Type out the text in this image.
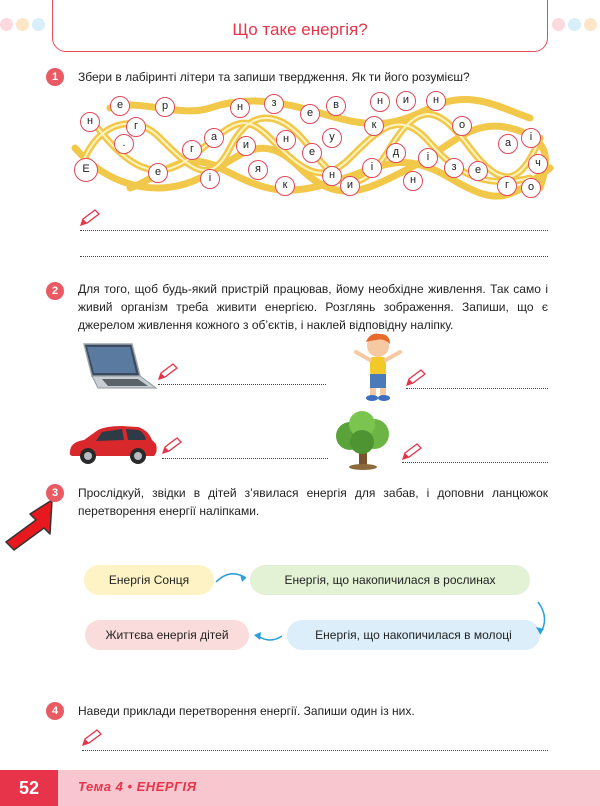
Що таке енергія?
1	Збери в лабіринті літери та запиши твердження. Як ти його розумієш?
н
е	р
г
.
Е	е	і
а
г
н
и
я
з
н
к
е
в
у
е
и
н
і
н
к
д
н
и	н
о
і
з	е
г
а
ч
о
і
2	Для того, щоб будь-який пристрій працював, йому необхідне живлення. Так само і живий організм треба живити енергією. Розглянь зображення. Запиши, що є джерелом живлення кожного з об’єктів, і наклей відповідну наліпку.
3	Прослідкуй, звідки в дітей з’явилася енергія для забав, і доповни ланцюжок перетворення енергії наліпками.
Енергія Сонця	Енергія, що накопичилася в рослинах
Енергія, що накопичилася в молоці
Життєва енергія дітей
4	Наведи приклади перетворення енергії. Запиши один із них.
52	Тема 4 • ЕНЕРГІЯ
